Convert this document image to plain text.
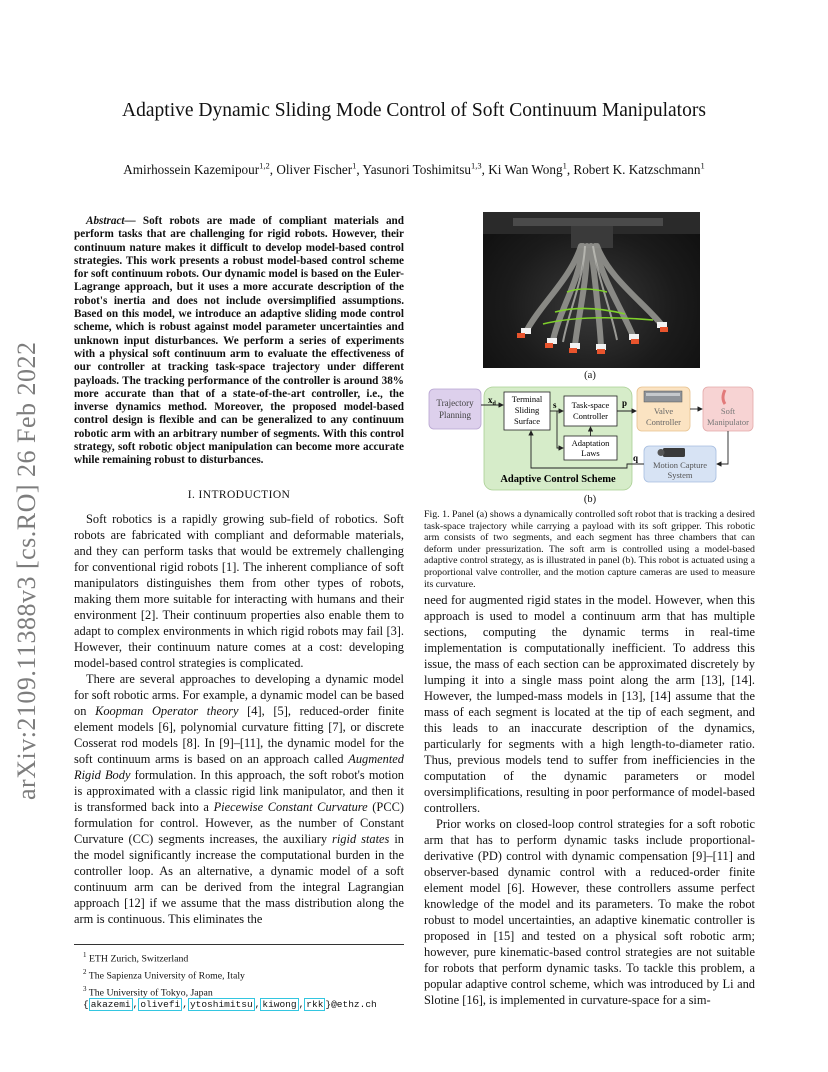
Adaptive Dynamic Sliding Mode Control of Soft Continuum Manipulators
Amirhossein Kazemipour$^{1,2}$, Oliver Fischer$^1$, Yasunori Toshimitsu$^{1,3}$, Ki Wan Wong$^1$, Robert K. Katzschmann$^1$
arXiv:2109.11388v3 [cs.RO] 26 Feb 2022
Abstract— Soft robots are made of compliant materials and perform tasks that are challenging for rigid robots. However, their continuum nature makes it difficult to develop model-based control strategies. This work presents a robust model-based control scheme for soft continuum robots. Our dynamic model is based on the Euler-Lagrange approach, but it uses a more accurate description of the robot's inertia and does not include oversimplified assumptions. Based on this model, we introduce an adaptive sliding mode control scheme, which is robust against model parameter uncertainties and unknown input disturbances. We perform a series of experiments with a physical soft continuum arm to evaluate the effectiveness of our controller at tracking task-space trajectory under different payloads. The tracking performance of the controller is around 38% more accurate than that of a state-of-the-art controller, i.e., the inverse dynamics method. Moreover, the proposed model-based control design is flexible and can be generalized to any continuum robotic arm with an arbitrary number of segments. With this control strategy, soft robotic object manipulation can become more accurate while remaining robust to disturbances.
I. INTRODUCTION

Soft robotics is a rapidly growing sub-field of robotics. Soft robots are fabricated with compliant and deformable materials, and they can perform tasks that would be extremely challenging for conventional rigid robots [1]. The inherent compliance of soft manipulators distinguishes them from other types of robots, making them more suitable for interacting with humans and their environment [2]. Their continuum properties also enable them to adapt to complex environments in which rigid robots may fail [3]. However, their continuum nature comes at a cost: developing model-based control strategies is complicated.

There are several approaches to developing a dynamic model for soft robotic arms. For example, a dynamic model can be based on Koopman Operator theory [4], [5], reduced-order finite element models [6], polynomial curvature fitting [7], or discrete Cosserat rod models [8]. In [9]–[11], the dynamic model for the soft continuum arms is based on an approach called Augmented Rigid Body formulation. In this approach, the soft robot's motion is approximated with a classic rigid link manipulator, and then it is transformed back into a Piecewise Constant Curvature (PCC) formulation for control. However, as the number of Constant Curvature (CC) segments increases, the auxiliary rigid states in the model significantly increase the computational burden in the controller loop. As an alternative, a dynamic model of a soft continuum arm can be derived from the integral Lagrangian approach [12] if we assume that the mass distribution along the arm is continuous. This eliminates the

$^1$ ETH Zurich, Switzerland
$^2$ The Sapienza University of Rome, Italy
$^3$ The University of Tokyo, Japan
{ akazemi , olivefi , ytoshimitsu , kiwong , rkk }@ethz.ch
(a)
Trajectory
Planning
Terminal
Sliding
Surface
Task-space
Controller
Adaptation
Laws
Valve
Controller
Soft
Manipulator
Motion Capture
System
Adaptive Control Scheme
$x_d$	s	p
q
(b)
Fig. 1. Panel (a) shows a dynamically controlled soft robot that is tracking a desired task-space trajectory while carrying a payload with its soft gripper. This robotic arm consists of two segments, and each segment has three chambers that can deform under pressurization. The soft arm is controlled using a model-based adaptive control strategy, as is illustrated in panel (b). This robot is actuated using a proportional valve controller, and the motion capture cameras are used to measure its curvature.

need for augmented rigid states in the model. However, when this approach is used to model a continuum arm that has multiple sections, computing the dynamic terms in real-time implementation is computationally inefficient. To address this issue, the mass of each section can be approximated discretely by lumping it into a single mass point along the arm [13], [14]. However, the lumped-mass models in [13], [14] assume that the mass of each segment is located at the tip of each segment, and this leads to an inaccurate description of the dynamics, particularly for segments with a high length-to-diameter ratio. Thus, previous models tend to suffer from inefficiencies in the computation of the dynamic parameters or model oversimplifications, resulting in poor performance of model-based controllers.

Prior works on closed-loop control strategies for a soft robotic arm that has to perform dynamic tasks include proportional-derivative (PD) control with dynamic compensation [9]–[11] and observer-based dynamic control with a reduced-order finite element model [6]. However, these controllers assume perfect knowledge of the model and its parameters. To make the robot robust to model uncertainties, an adaptive kinematic controller is proposed in [15] and tested on a physical soft robotic arm; however, pure kinematic-based control strategies are not suitable for robots that perform dynamic tasks. To tackle this problem, a popular adaptive control scheme, which was introduced by Li and Slotine [16], is implemented in curvature-space for a sim-
